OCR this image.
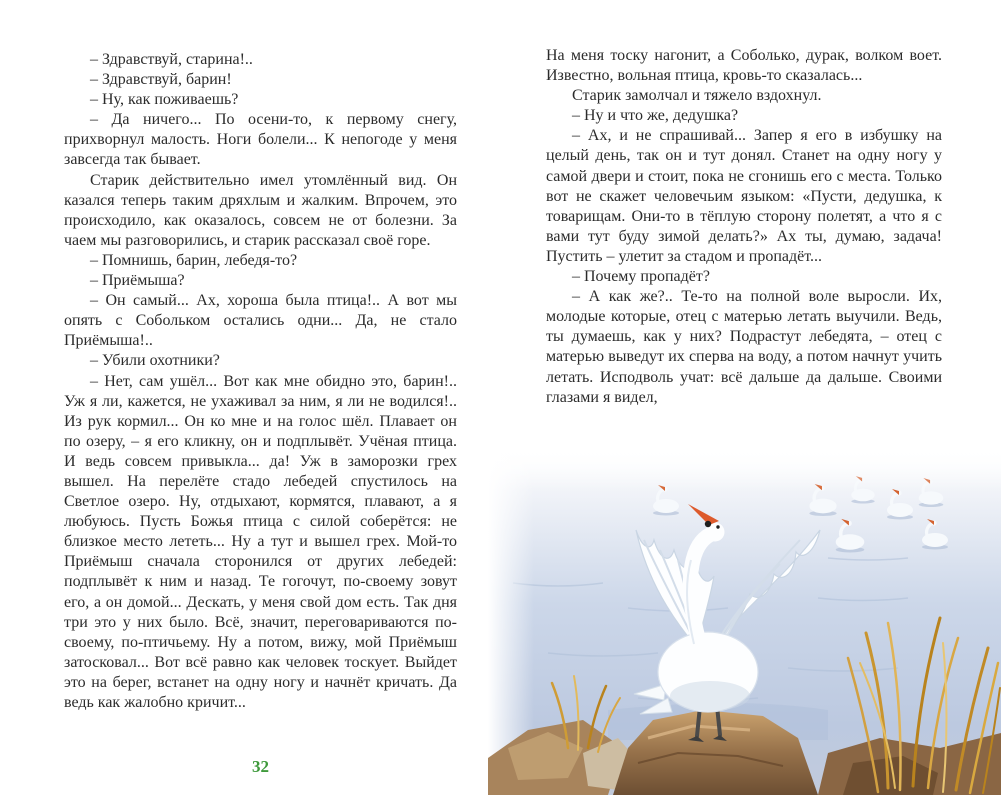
– Здравствуй, старина!..

– Здравствуй, барин!

– Ну, как поживаешь?

– Да ничего... По осени-то, к первому снегу, прихворнул малость. Ноги болели... К непогоде у меня завсегда так бывает.

Старик действительно имел утомлённый вид. Он казался теперь таким дряхлым и жалким. Впрочем, это происходило, как оказалось, совсем не от болезни. За чаем мы разговорились, и старик рассказал своё горе.

– Помнишь, барин, лебедя-то?

– Приёмыша?

– Он самый... Ах, хороша была птица!.. А вот мы опять с Собольком остались одни... Да, не стало Приёмыша!..

– Убили охотники?

– Нет, сам ушёл... Вот как мне обидно это, барин!.. Уж я ли, кажется, не ухаживал за ним, я ли не водился!.. Из рук кормил... Он ко мне и на голос шёл. Плавает он по озеру, – я его кликну, он и подплывёт. Учёная птица. И ведь совсем привыкла... да! Уж в заморозки грех вышел. На перелёте стадо лебедей спустилось на Светлое озеро. Ну, отдыхают, кормятся, плавают, а я любуюсь. Пусть Божья птица с силой соберётся: не близкое место лететь... Ну а тут и вышел грех. Мой-то Приёмыш сначала сторонился от других лебедей: подплывёт к ним и назад. Те гогочут, по-своему зовут его, а он домой... Дескать, у меня свой дом есть. Так дня три это у них было. Всё, значит, переговариваются по-своему, по-птичьему. Ну а потом, вижу, мой Приёмыш затосковал... Вот всё равно как человек тоскует. Выйдет это на берег, встанет на одну ногу и начнёт кричать. Да ведь как жалобно кричит...

32

На меня тоску нагонит, а Соболько, дурак, волком воет. Известно, вольная птица, кровь-то сказалась...

Старик замолчал и тяжело вздохнул.

– Ну и что же, дедушка?

– Ах, и не спрашивай... Запер я его в избушку на целый день, так он и тут донял. Станет на одну ногу у самой двери и стоит, пока не сгонишь его с места. Только вот не скажет человечьим языком: «Пусти, дедушка, к товарищам. Они-то в тёплую сторону полетят, а что я с вами тут буду зимой делать?» Ах ты, думаю, задача! Пустить – улетит за стадом и пропадёт...

– Почему пропадёт?

– А как же?.. Те-то на полной воле выросли. Их, молодые которые, отец с матерью летать выучили. Ведь, ты думаешь, как у них? Подрастут лебедята, – отец с матерью выведут их сперва на воду, а потом начнут учить летать. Исподволь учат: всё дальше да дальше. Своими глазами я видел,
